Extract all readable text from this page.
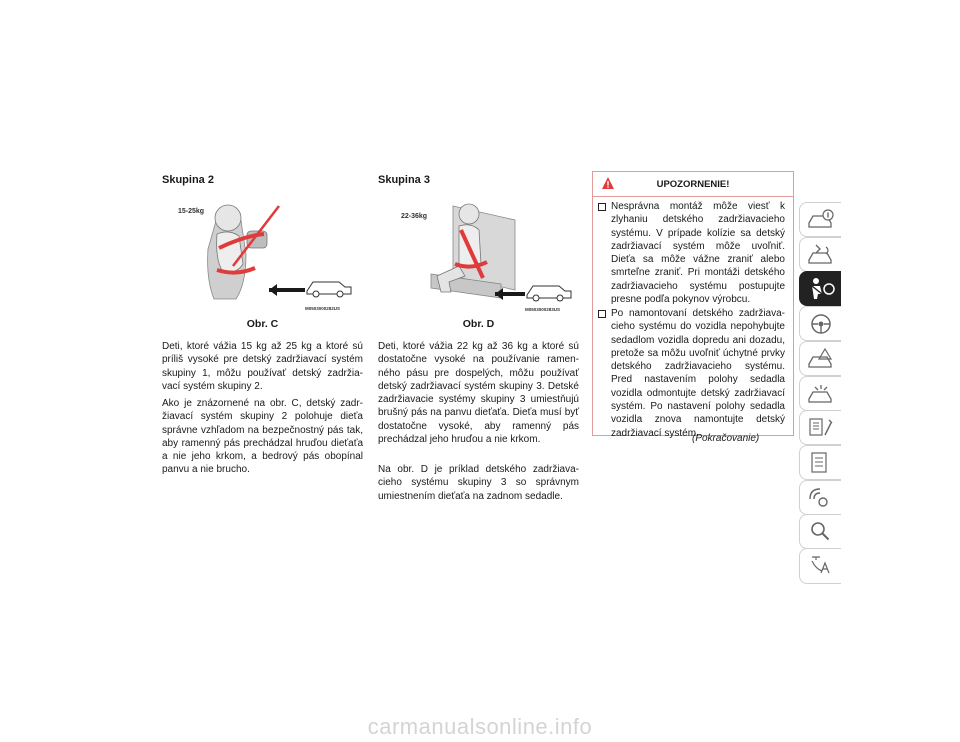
Skupina 2
15-25kg
M0503000282US
Obr. C

Deti, ktoré vážia 15 kg až 25 kg a ktoré sú príliš vysoké pre detský zadržiavací systém skupiny 1, môžu používať detský zadržia-vací systém skupiny 2.

Ako je znázornené na obr. C, detský zadr-žiavací systém skupiny 2 polohuje dieťa správne vzhľadom na bezpečnostný pás tak, aby ramenný pás prechádzal hruďou dieťaťa a nie jeho krkom, a bedrový pás obopínal panvu a nie brucho.

Skupina 3
22-36kg
M0503000283US
Obr. D

Deti, ktoré vážia 22 kg až 36 kg a ktoré sú dostatočne vysoké na používanie ramen-ného pásu pre dospelých, môžu používať detský zadržiavací systém skupiny 3. Detské zadržiavacie systémy skupiny 3 umiestňujú brušný pás na panvu dieťaťa. Dieťa musí byť dostatočne vysoké, aby ramenný pás prechádzal jeho hruďou a nie krkom.

Na obr. D je príklad detského zadržiava-cieho systému skupiny 3 so správnym umiestnením dieťaťa na zadnom sedadle.

UPOZORNENIE!
Nesprávna montáž môže viesť k zlyhaniu detského zadržiavacieho systému. V prípade kolízie sa detský zadržiavací systém môže uvoľniť. Dieťa sa môže vážne zraniť alebo smrteľne zraniť. Pri montáži detského zadržiavacieho systému postupujte presne podľa pokynov výrobcu.
Po namontovaní detského zadržiava-cieho systému do vozidla nepohybujte sedadlom vozidla dopredu ani dozadu, pretože sa môžu uvoľniť úchytné prvky detského zadržiavacieho systému. Pred nastavením polohy sedadla vozidla odmontujte detský zadržiavací systém. Po nastavení polohy sedadla vozidla znova namontujte detský zadržiavací systém.
(Pokračovanie)
carmanualsonline.info
